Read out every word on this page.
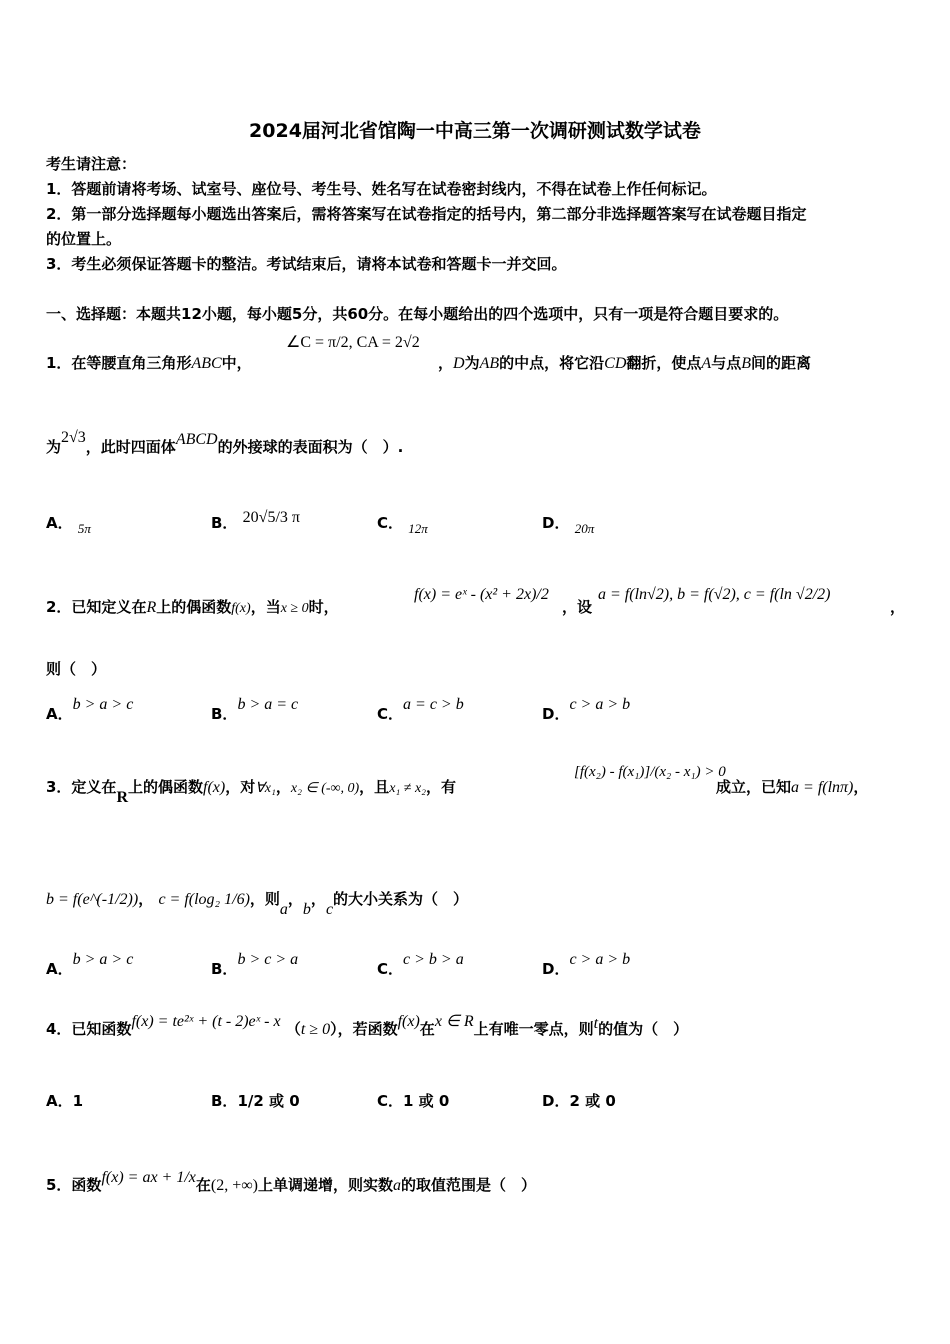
2024届河北省馆陶一中高三第一次调研测试数学试卷
考生请注意：
1．答题前请将考场、试室号、座位号、考生号、姓名写在试卷密封线内，不得在试卷上作任何标记。
2．第一部分选择题每小题选出答案后，需将答案写在试卷指定的括号内，第二部分非选择题答案写在试卷题目指定
的位置上。
3．考生必须保证答题卡的整洁。考试结束后，请将本试卷和答题卡一并交回。
一、选择题：本题共12小题，每小题5分，共60分。在每小题给出的四个选项中，只有一项是符合题目要求的。
1．在等腰直角三角形ABC中，
∠C = π/2, CA = 2√2
，D为AB的中点，将它沿CD翻折，使点A与点B间的距离
为2√3，此时四面体ABCD的外接球的表面积为（　）.
A． 5π	B． 20√5/3 π	C． 12π	D． 20π
2．已知定义在R上的偶函数f(x)，当x ≥ 0时，
f(x) = eˣ - (x² + 2x)/2
，设
a = f(ln√2), b = f(√2), c = f(ln √2/2)
，
则（　）
A．b > a > c
B．b > a = c
C．a = c > b
D．c > a > b
3．定义在R上的偶函数f(x)，对∀x₁，x₂ ∈ (-∞, 0)，且x₁ ≠ x₂，有
[f(x₂) - f(x₁)]/(x₂ - x₁) > 0
成立，已知a = f(lnπ)，
b = f(e^(-1/2))， c = f(log₂ 1/6)，则a，b，c的大小关系为（　）
A．b > a > c
B．b > c > a
C．c > b > a
D．c > a > b
4．已知函数f(x) = te²ˣ + (t - 2)eˣ - x （t ≥ 0），若函数f(x)在x ∈ R上有唯一零点，则t的值为（　）
A．1	B．1/2 或 0	C．1 或 0	D．2 或 0
5．函数f(x) = ax + 1/x在(2, +∞)上单调递增，则实数a的取值范围是（　）
